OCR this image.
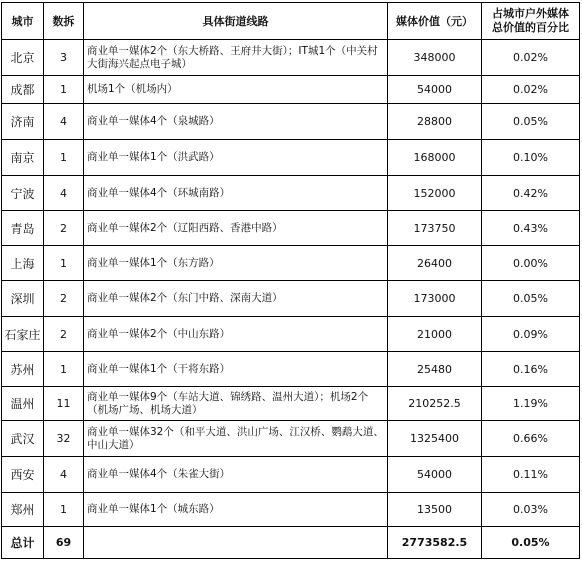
城市	数拆	具体街道线路	媒体价值（元）	占城市户外媒体
总价值的百分比

北京	3	商业单一媒体2个（东大桥路、王府井大街）；IT城1个（中关村大街海兴起点电子城）	348000	0.02%
成都	1	机场1个（机场内）	54000	0.02%
济南	4	商业单一媒体4个（泉城路）	28800	0.05%
南京	1	商业单一媒体1个（洪武路）	168000	0.10%
宁波	4	商业单一媒体4个（环城南路）	152000	0.42%
青岛	2	商业单一媒体2个（辽阳西路、香港中路）	173750	0.43%
上海	1	商业单一媒体1个（东方路）	26400	0.00%
深圳	2	商业单一媒体2个（东门中路、深南大道）	173000	0.05%
石家庄	2	商业单一媒体2个（中山东路）	21000	0.09%
苏州	1	商业单一媒体1个（干将东路）	25480	0.16%
温州	11	商业单一媒体9个（车站大道、锦绣路、温州大道）；机场2个（机场广场、机场大道）	210252.5	1.19%
武汉	32	商业单一媒体32个（和平大道、洪山广场、江汉桥、鹦鹉大道、中山大道）	1325400	0.66%
西安	4	商业单一媒体4个（朱雀大街）	54000	0.11%
郑州	1	商业单一媒体1个（城东路）	13500	0.03%
总计	69		2773582.5	0.05%
